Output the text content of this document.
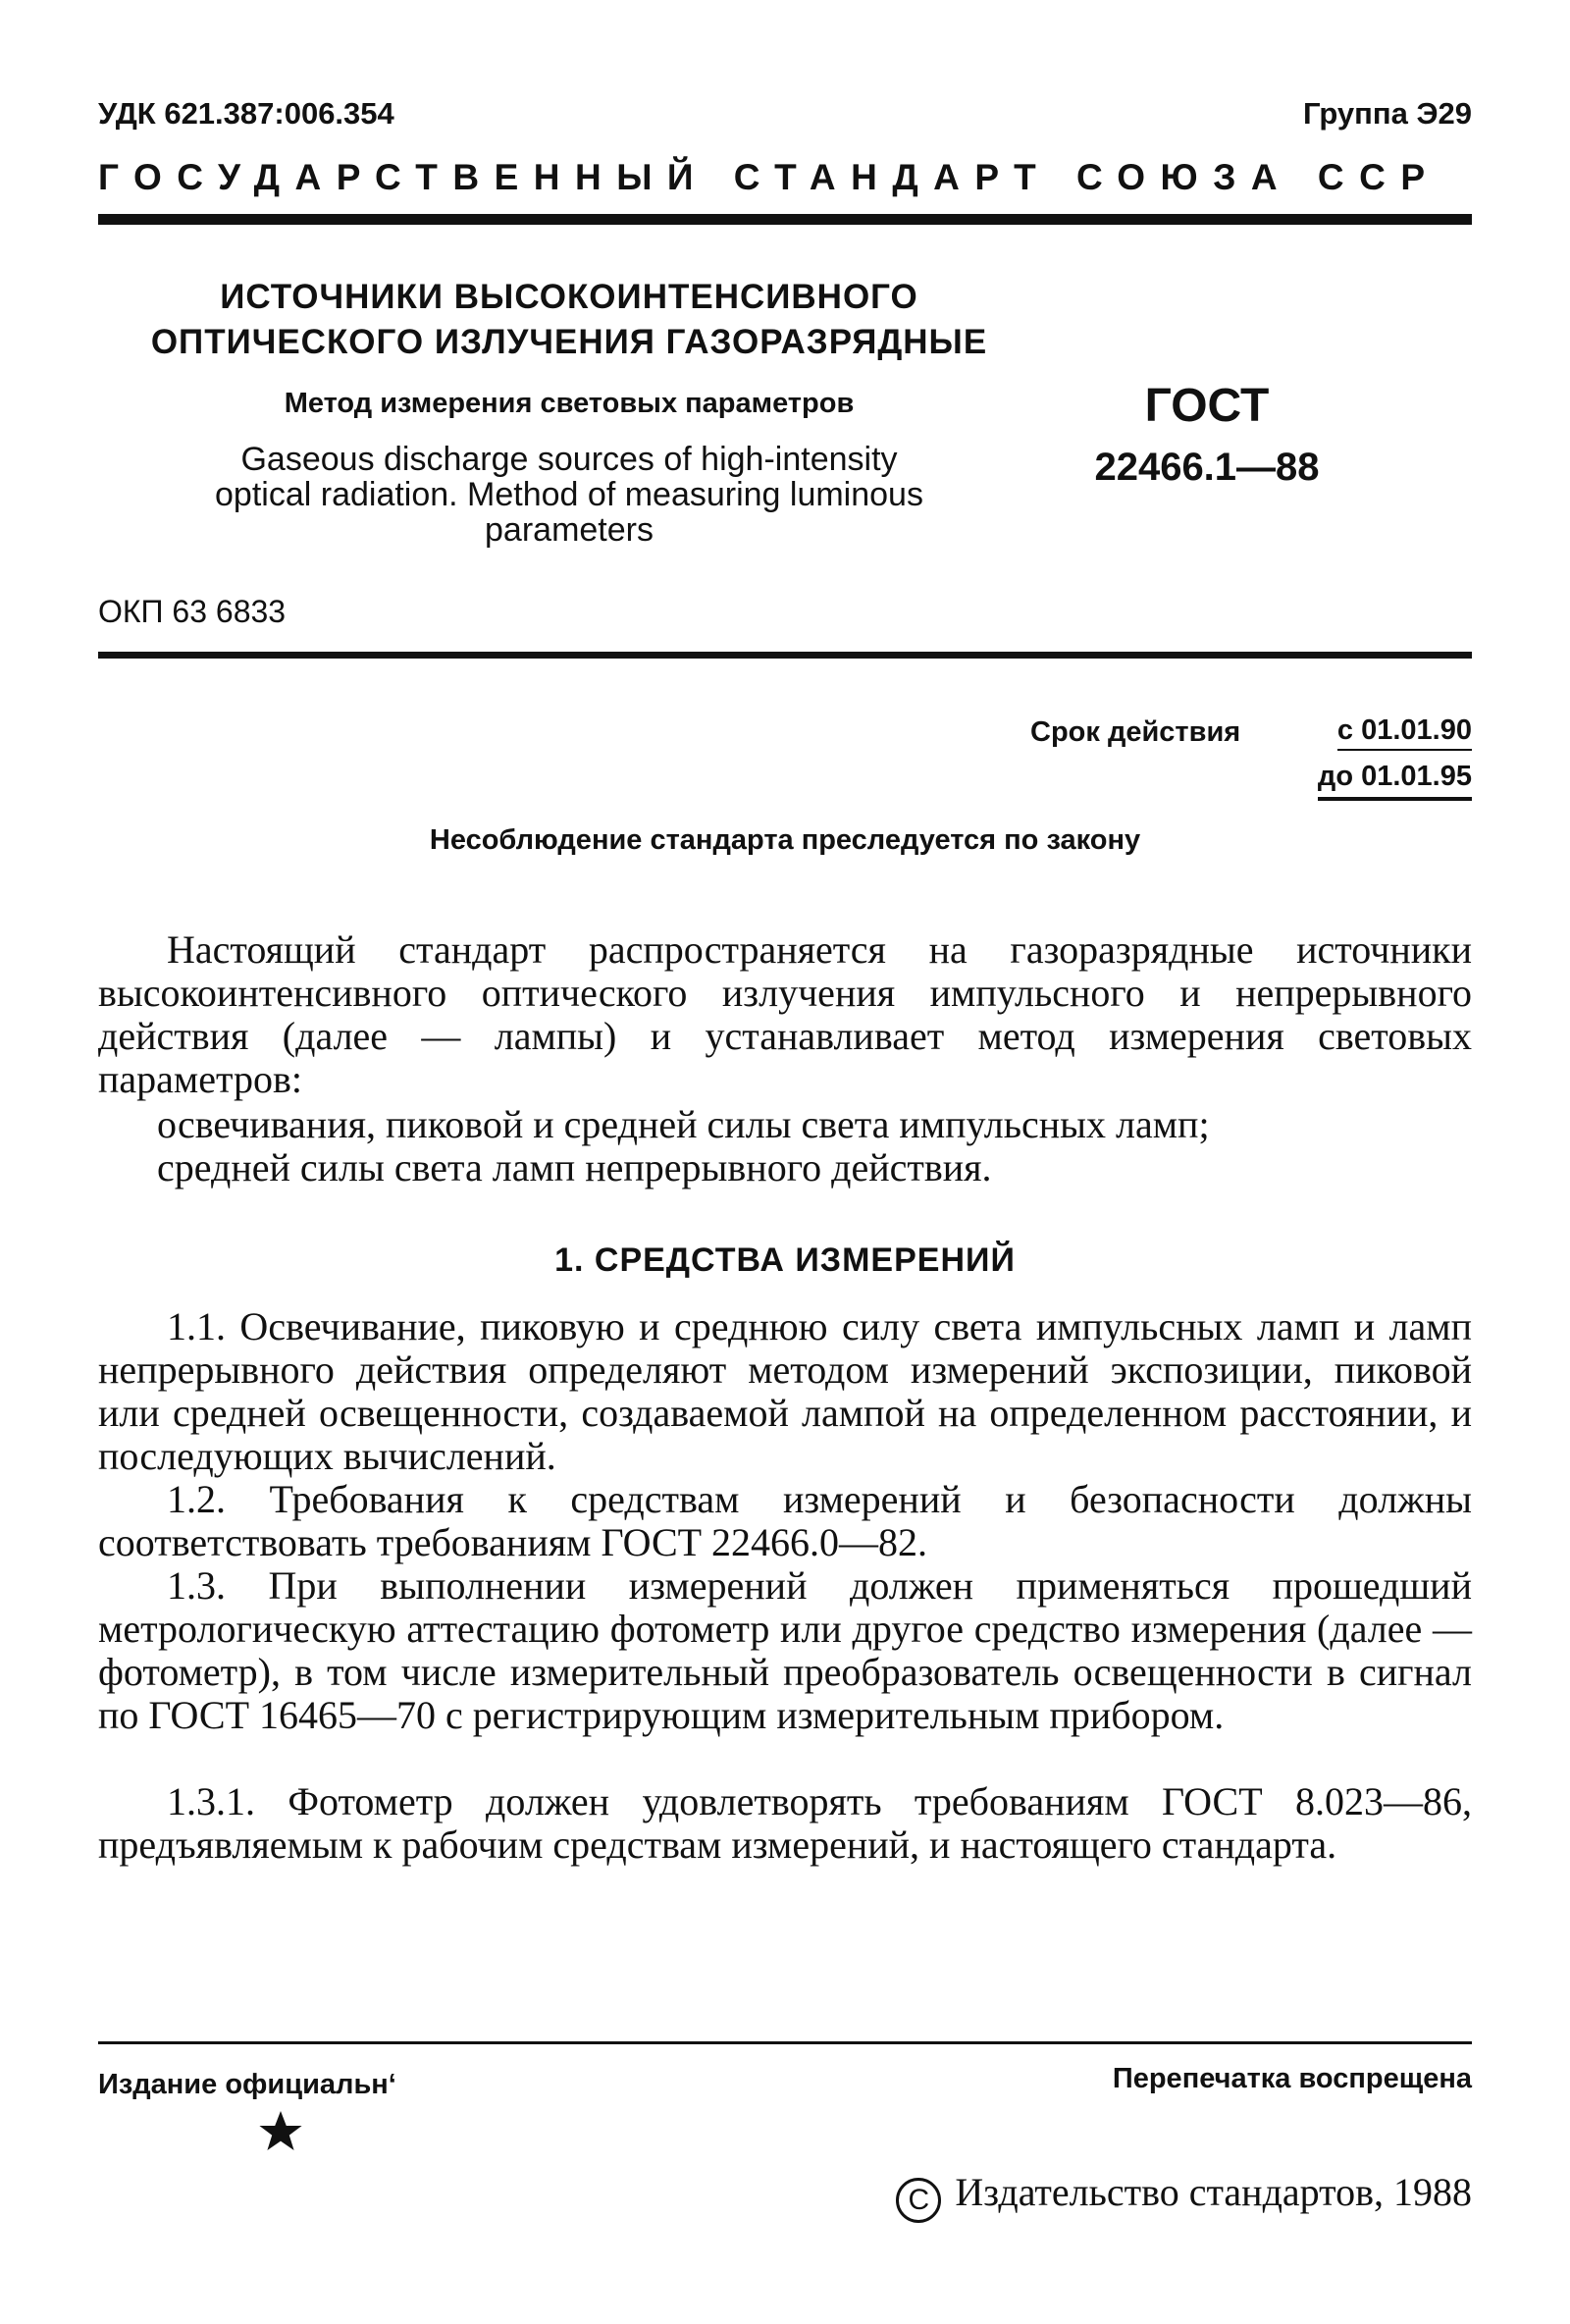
УДК 621.387:006.354	Группа Э29
ГОСУДАРСТВЕННЫЙ СТАНДАРТ СОЮЗА ССР
ИСТОЧНИКИ ВЫСОКОИНТЕНСИВНОГО
ОПТИЧЕСКОГО ИЗЛУЧЕНИЯ ГАЗОРАЗРЯДНЫЕ
Метод измерения световых параметров
Gaseous discharge sources of high-intensity
optical radiation. Method of measuring luminous
parameters
ГОСТ
22466.1—88
ОКП 63 6833
Срок действия	с 01.01.90
до 01.01.95
Несоблюдение стандарта преследуется по закону
Настоящий стандарт распространяется на газоразрядные источники высокоинтенсивного оптического излучения импульсного и непрерывного действия (далее — лампы) и устанавливает метод измерения световых параметров:
освечивания, пиковой и средней силы света импульсных ламп;
средней силы света ламп непрерывного действия.
1. СРЕДСТВА ИЗМЕРЕНИЙ
1.1. Освечивание, пиковую и среднюю силу света импульсных ламп и ламп непрерывного действия определяют методом измерений экспозиции, пиковой или средней освещенности, создаваемой лампой на определенном расстоянии, и последующих вычислений.
1.2. Требования к средствам измерений и безопасности должны соответствовать требованиям ГОСТ 22466.0—82.
1.3. При выполнении измерений должен применяться прошедший метрологическую аттестацию фотометр или другое средство измерения (далее — фотометр), в том числе измерительный преобразователь освещенности в сигнал по ГОСТ 16465—70 с регистрирующим измерительным прибором.
1.3.1. Фотометр должен удовлетворять требованиям ГОСТ 8.023—86, предъявляемым к рабочим средствам измерений, и настоящего стандарта.
Издание официальн‘	Перепечатка воспрещена
C Издательство стандартов, 1988
